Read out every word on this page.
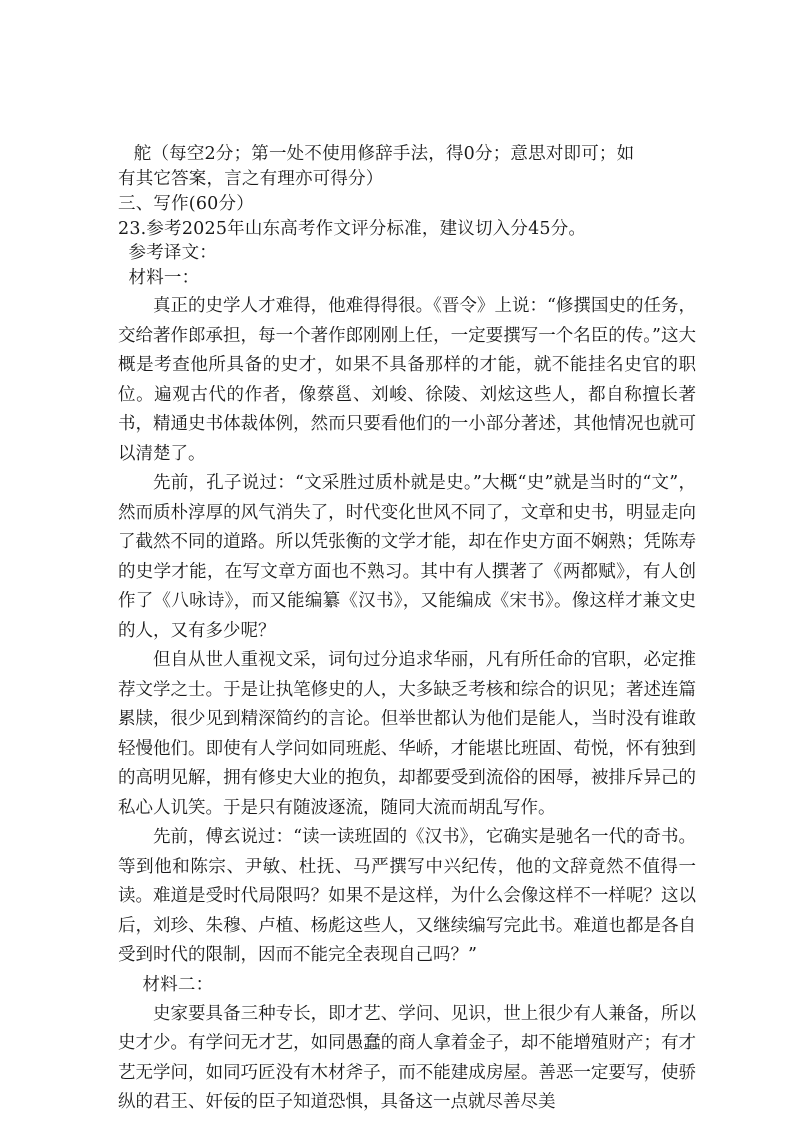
舵（每空2分；第一处不使用修辞手法，得0分；意思对即可；如
有其它答案，言之有理亦可得分）
三、写作(60分）
23.参考2025年山东高考作文评分标准，建议切入分45分。
参考译文：
材料一：

真正的史学人才难得，他难得得很。《晋令》上说：“修撰国史的任务，交给著作郎承担，每一个著作郎刚刚上任，一定要撰写一个名臣的传。”这大概是考查他所具备的史才，如果不具备那样的才能，就不能挂名史官的职位。遍观古代的作者，像蔡邕、刘峻、徐陵、刘炫这些人，都自称擅长著书，精通史书体裁体例，然而只要看他们的一小部分著述，其他情况也就可以清楚了。

先前，孔子说过：“文采胜过质朴就是史。”大概“史”就是当时的“文”，然而质朴淳厚的风气消失了，时代变化世风不同了，文章和史书，明显走向了截然不同的道路。所以凭张衡的文学才能，却在作史方面不娴熟；凭陈寿的史学才能，在写文章方面也不熟习。其中有人撰著了《两都赋》，有人创作了《八咏诗》，而又能编纂《汉书》，又能编成《宋书》。像这样才兼文史的人，又有多少呢？

但自从世人重视文采，词句过分追求华丽，凡有所任命的官职，必定推荐文学之士。于是让执笔修史的人，大多缺乏考核和综合的识见；著述连篇累牍，很少见到精深简约的言论。但举世都认为他们是能人，当时没有谁敢轻慢他们。即使有人学问如同班彪、华峤，才能堪比班固、荀悦，怀有独到的高明见解，拥有修史大业的抱负，却都要受到流俗的困辱，被排斥异己的私心人讥笑。于是只有随波逐流，随同大流而胡乱写作。

先前，傅玄说过：“读一读班固的《汉书》，它确实是驰名一代的奇书。等到他和陈宗、尹敏、杜抚、马严撰写中兴纪传，他的文辞竟然不值得一读。难道是受时代局限吗？如果不是这样，为什么会像这样不一样呢？这以后，刘珍、朱穆、卢植、杨彪这些人，又继续编写完此书。难道也都是各自受到时代的限制，因而不能完全表现自己吗？”

材料二：

史家要具备三种专长，即才艺、学问、见识，世上很少有人兼备，所以史才少。有学问无才艺，如同愚蠢的商人拿着金子，却不能增殖财产；有才艺无学问，如同巧匠没有木材斧子，而不能建成房屋。善恶一定要写，使骄纵的君王、奸佞的臣子知道恐惧，具备这一点就尽善尽美
